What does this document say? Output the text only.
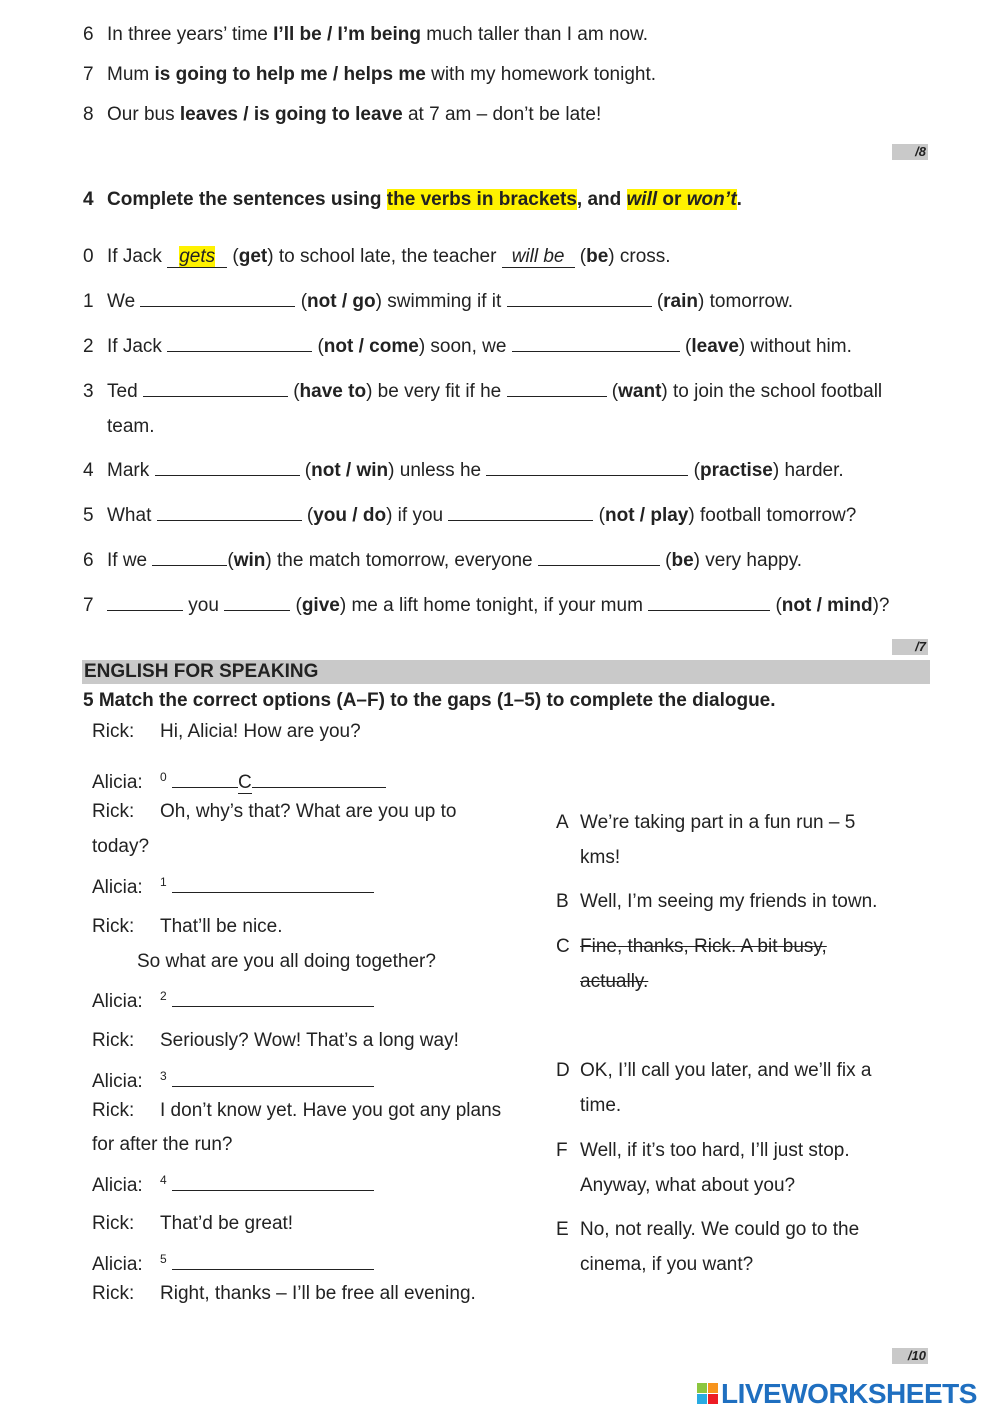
6 In three years’ time I’ll be / I’m being much taller than I am now.
7 Mum is going to help me / helps me with my homework tonight.
8 Our bus leaves / is going to leave at 7 am – don’t be late!
/8
4 Complete the sentences using the verbs in brackets, and will or won’t.
0 If Jack gets (get) to school late, the teacher will be (be) cross.
1 We	(not / go) swimming if it	(rain) tomorrow.
2 If Jack	(not / come) soon, we	(leave) without him.
3 Ted	(have to) be very fit if he	(want) to join the school football
team.
4 Mark	(not / win) unless he	(practise) harder.
5 What	(you / do) if you	(not / play) football tomorrow?
6 If we	(win) the match tomorrow, everyone	(be) very happy.
7	you	(give) me a lift home tonight, if your mum	(not / mind)?
/7
ENGLISH FOR SPEAKING
5 Match the correct options (A–F) to the gaps (1–5) to complete the dialogue.
Rick: Hi, Alicia! How are you?
Alicia: $^0$	C
Rick: Oh, why’s that? What are you up to
today?
Alicia: $^1$
Rick: That’ll be nice.
So what are you all doing together?
Alicia: $^2$
Rick: Seriously? Wow! That’s a long way!
Alicia: $^3$
Rick: I don’t know yet. Have you got any plans
for after the run?
Alicia: $^4$
Rick: That’d be great!
Alicia: $^5$
Rick: Right, thanks – I’ll be free all evening.
A We’re taking part in a fun run – 5
kms!
B Well, I’m seeing my friends in town.
C Fine, thanks, Rick. A bit busy,
actually.
D OK, I’ll call you later, and we’ll fix a
time.
F Well, if it’s too hard, I’ll just stop.
Anyway, what about you?
E No, not really. We could go to the
cinema, if you want?
/10
LIVEWORKSHEETS
